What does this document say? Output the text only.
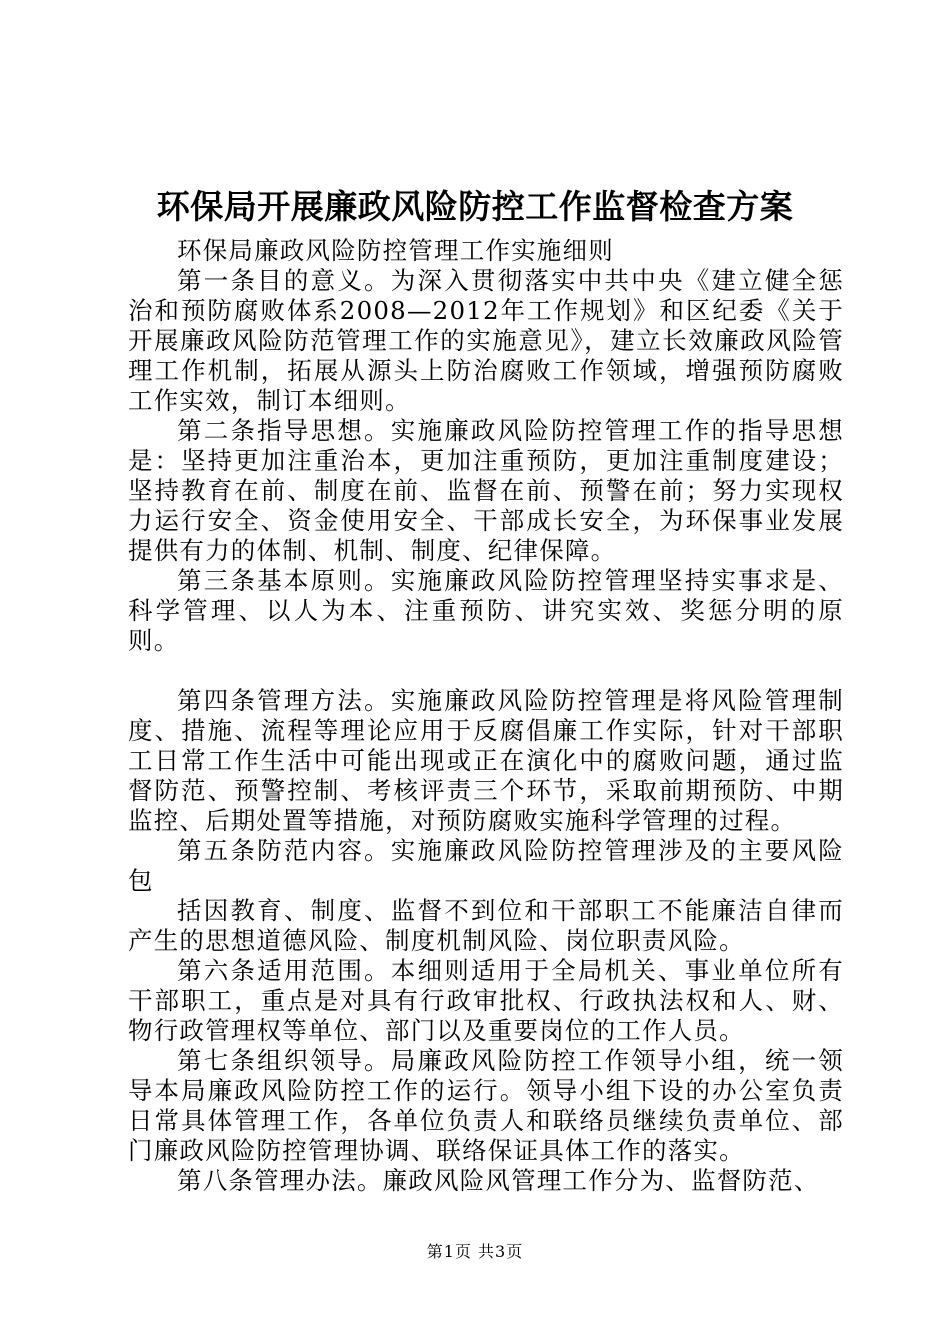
环保局开展廉政风险防控工作监督检查方案

环保局廉政风险防控管理工作实施细则

第一条目的意义。为深入贯彻落实中共中央《建立健全惩治和预防腐败体系2008—2012年工作规划》和区纪委《关于开展廉政风险防范管理工作的实施意见》，建立长效廉政风险管理工作机制，拓展从源头上防治腐败工作领域，增强预防腐败工作实效，制订本细则。

第二条指导思想。实施廉政风险防控管理工作的指导思想是：坚持更加注重治本，更加注重预防，更加注重制度建设；坚持教育在前、制度在前、监督在前、预警在前；努力实现权力运行安全、资金使用安全、干部成长安全，为环保事业发展提供有力的体制、机制、制度、纪律保障。

第三条基本原则。实施廉政风险防控管理坚持实事求是、科学管理、以人为本、注重预防、讲究实效、奖惩分明的原则。

第四条管理方法。实施廉政风险防控管理是将风险管理制度、措施、流程等理论应用于反腐倡廉工作实际，针对干部职工日常工作生活中可能出现或正在演化中的腐败问题，通过监督防范、预警控制、考核评责三个环节，采取前期预防、中期监控、后期处置等措施，对预防腐败实施科学管理的过程。

第五条防范内容。实施廉政风险防控管理涉及的主要风险包

括因教育、制度、监督不到位和干部职工不能廉洁自律而产生的思想道德风险、制度机制风险、岗位职责风险。

第六条适用范围。本细则适用于全局机关、事业单位所有干部职工，重点是对具有行政审批权、行政执法权和人、财、物行政管理权等单位、部门以及重要岗位的工作人员。

第七条组织领导。局廉政风险防控工作领导小组，统一领导本局廉政风险防控工作的运行。领导小组下设的办公室负责日常具体管理工作，各单位负责人和联络员继续负责单位、部门廉政风险防控管理协调、联络保证具体工作的落实。

第八条管理办法。廉政风险风管理工作分为、监督防范、

第1页 共3页
